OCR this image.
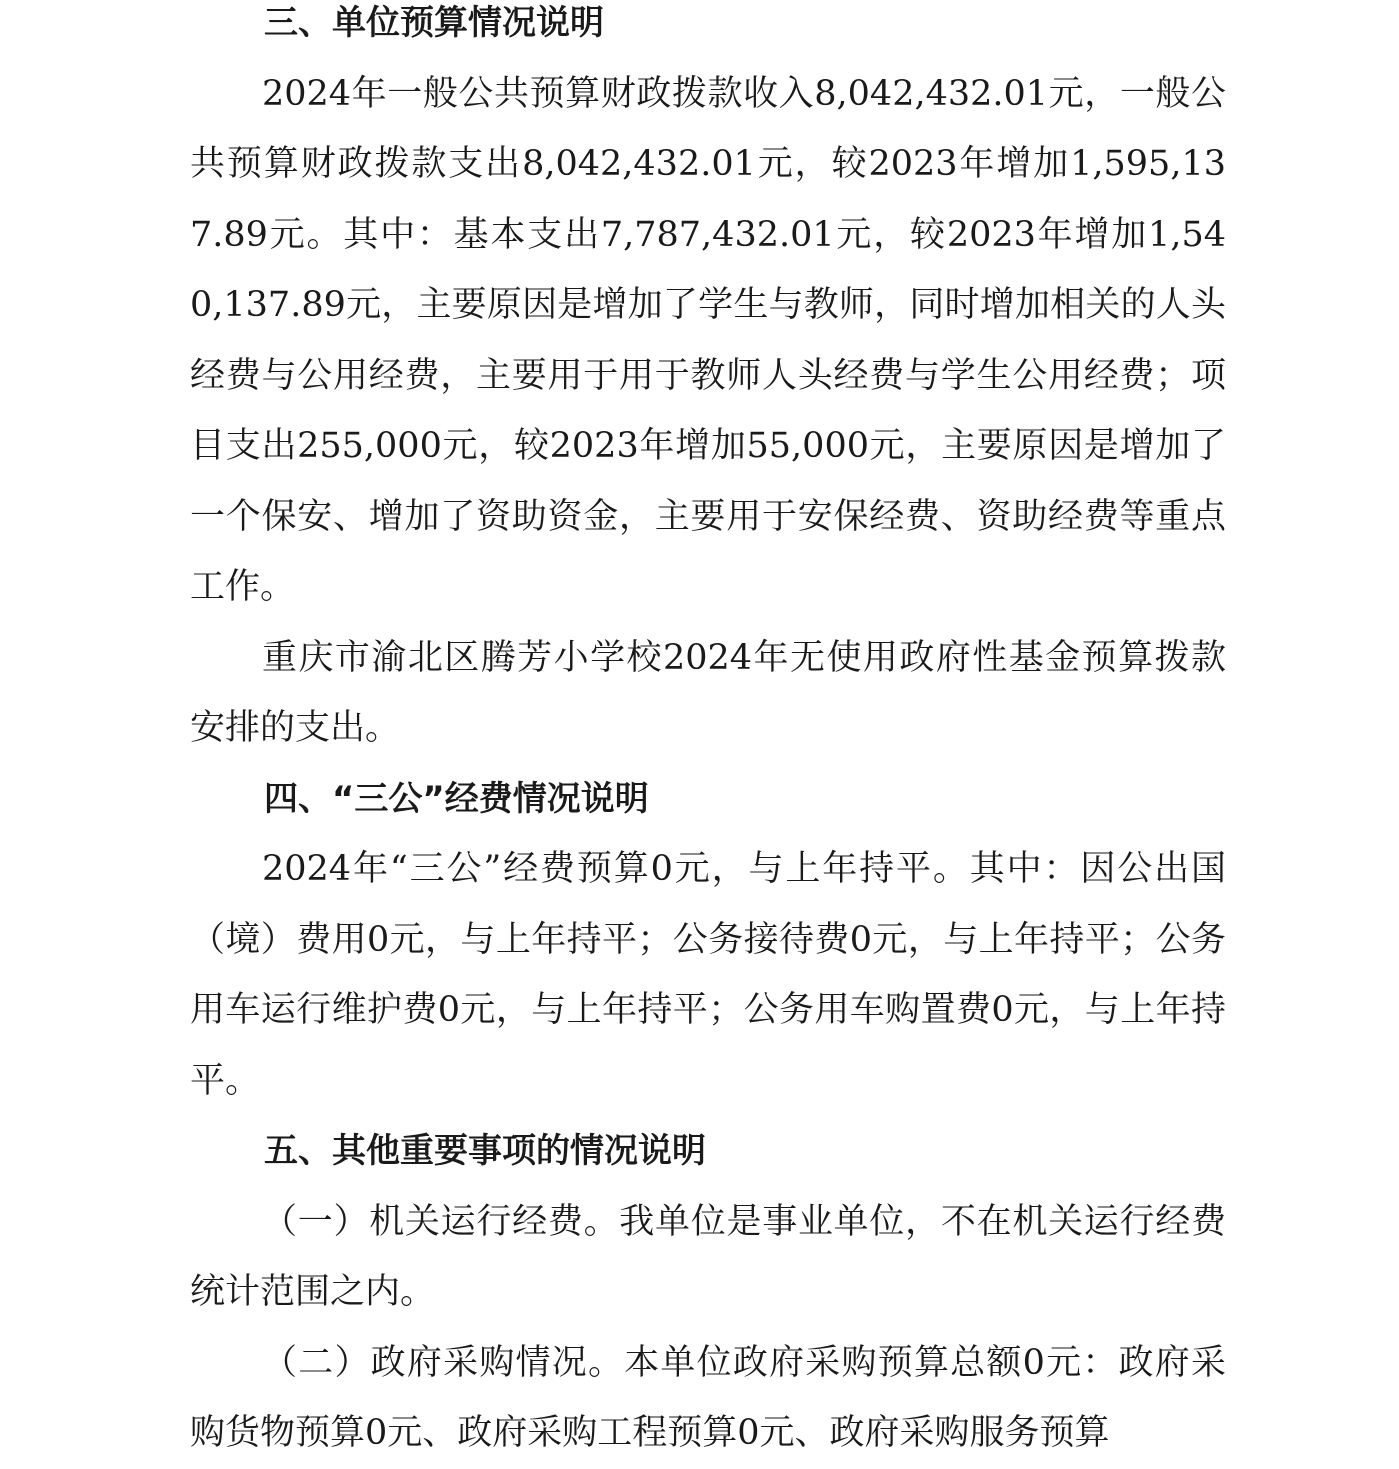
三、单位预算情况说明

2024年一般公共预算财政拨款收入8,042,432.01元，一般公共预算财政拨款支出8,042,432.01元，较2023年增加1,595,137.89元。其中：基本支出7,787,432.01元，较2023年增加1,540,137.89元，主要原因是增加了学生与教师，同时增加相关的人头经费与公用经费，主要用于用于教师人头经费与学生公用经费；项目支出255,000元，较2023年增加55,000元，主要原因是增加了一个保安、增加了资助资金，主要用于安保经费、资助经费等重点工作。

重庆市渝北区腾芳小学校2024年无使用政府性基金预算拨款安排的支出。

四、“三公”经费情况说明

2024年“三公”经费预算0元，与上年持平。其中：因公出国（境）费用0元，与上年持平；公务接待费0元，与上年持平；公务用车运行维护费0元，与上年持平；公务用车购置费0元，与上年持平。

五、其他重要事项的情况说明

（一）机关运行经费。我单位是事业单位，不在机关运行经费统计范围之内。

（二）政府采购情况。本单位政府采购预算总额0元：政府采购货物预算0元、政府采购工程预算0元、政府采购服务预算
